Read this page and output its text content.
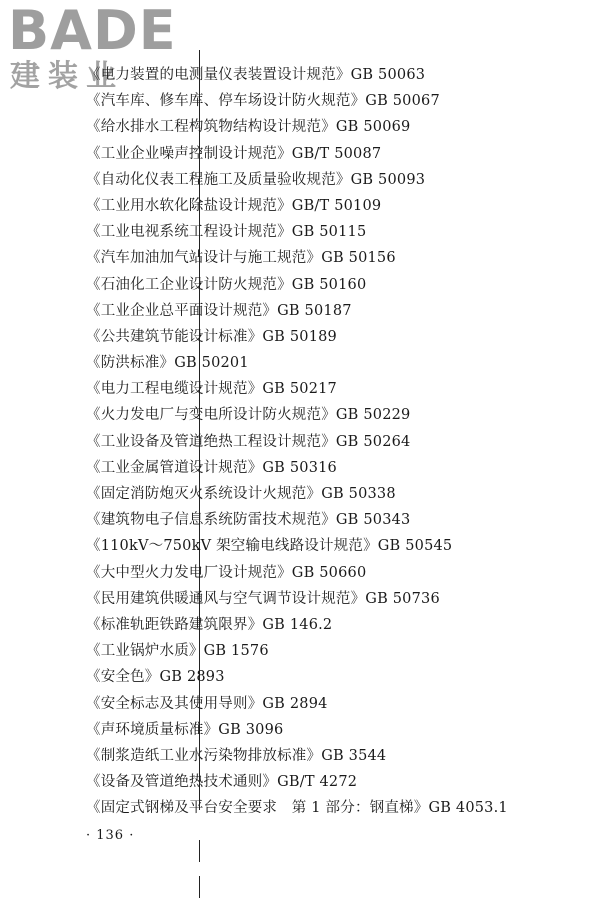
BADE
建装业
《电力装置的电测量仪表装置设计规范》GB 50063
《汽车库、修车库、停车场设计防火规范》GB 50067
《给水排水工程构筑物结构设计规范》GB 50069
《工业企业噪声控制设计规范》GB/T 50087
《自动化仪表工程施工及质量验收规范》GB 50093
《工业用水软化除盐设计规范》GB/T 50109
《工业电视系统工程设计规范》GB 50115
《汽车加油加气站设计与施工规范》GB 50156
《石油化工企业设计防火规范》GB 50160
《工业企业总平面设计规范》GB 50187
《公共建筑节能设计标准》GB 50189
《防洪标准》GB 50201
《电力工程电缆设计规范》GB 50217
《火力发电厂与变电所设计防火规范》GB 50229
《工业设备及管道绝热工程设计规范》GB 50264
《工业金属管道设计规范》GB 50316
《固定消防炮灭火系统设计火规范》GB 50338
《建筑物电子信息系统防雷技术规范》GB 50343
《110kV～750kV 架空输电线路设计规范》GB 50545
《大中型火力发电厂设计规范》GB 50660
《民用建筑供暖通风与空气调节设计规范》GB 50736
《标准轨距铁路建筑限界》GB 146.2
《工业锅炉水质》GB 1576
《安全色》GB 2893
《安全标志及其使用导则》GB 2894
《声环境质量标准》GB 3096
《制浆造纸工业水污染物排放标准》GB 3544
《设备及管道绝热技术通则》GB/T 4272
《固定式钢梯及平台安全要求　第 1 部分：钢直梯》GB 4053.1
· 136 ·
